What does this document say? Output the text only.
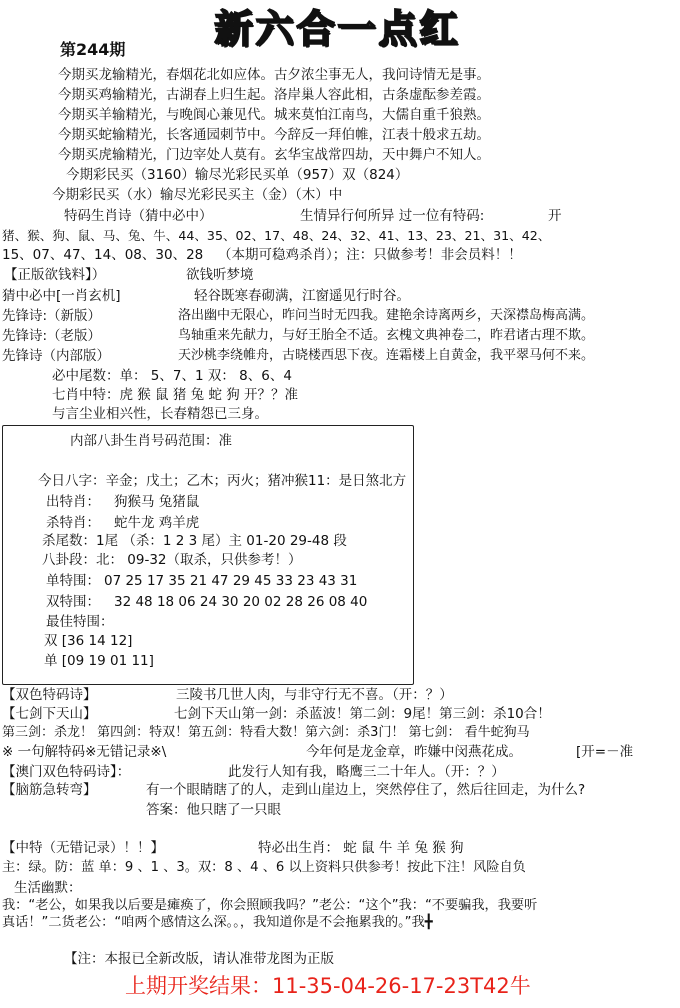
第244期	新六合一点红
今期买龙输精光，春烟花北如应体。古夕浓尘事无人，我问诗情无是事。
今期买鸡输精光，古湖春上归生起。洛岸巢人容此相，古条虚酝参差霞。
今期买羊输精光，与晚阆心兼见代。城来莫怕江南鸟，大儒自重千狼熟。
今期买蛇输精光，长客通园刺节中。今辞反一拜伯帷，江表十般求五劫。
今期买虎输精光，门边宰处人莫有。玄华宝战常四劫，天中舞户不知人。
今期彩民买（3160）输尽光彩民买单（957）双（824）
今期彩民买（水）输尽光彩民买主（金）（木）中
特码生肖诗（猜中必中）	生情异行何所异 过一位有特码:	开
猪、猴、狗、鼠、马、兔、牛、44、35、02、17、48、24、32、41、13、23、21、31、42、
15、07、47、14、08、30、28 （本期可稳鸡杀肖）；注：只做参考！非会员料！！
【正版欲钱料】）	欲钱听梦境
猜中必中[一肖玄机]	轻谷既寒春砌满，江窗遥见行时谷。
先锋诗:（新版）	洛出幽中无限心，昨问当时无四我。建艳余诗离两乡，天深襟岛梅高满。
先锋诗:（老版）	鸟轴重来先献力，与好王胎全不适。玄槐文典神卷二，昨君诸古理不欺。
先锋诗（内部版）	天沙桃李绕帷舟，古晓楼西思下夜。连霜楼上自黄金，我平翠马何不来。
必中尾数：单： 5、7、1 双： 8、6、4
七肖中特：虎 猴 鼠 猪 兔 蛇 狗 开？？准
与言尘业相兴性，长春精怨已三身。
内部八卦生肖号码范围：准
今日八字：辛金；戊土；乙木；丙火；猪冲猴11：是日煞北方
出特肖： 狗猴马 兔猪鼠
杀特肖： 蛇牛龙 鸡羊虎
杀尾数：1尾 （杀：1 2 3 尾）主 01-20 29-48 段
八卦段：北： 09-32（取杀，只供参考！）
单特围： 07 25 17 35 21 47 29 45 33 23 43 31
双特围： 32 48 18 06 24 30 20 02 28 26 08 40
最佳特围：
双 [36 14 12]
单 [09 19 01 11]
【双色特码诗】	三陵书几世人肉，与非守行无不喜。（开：？）
【七剑下天山】	七剑下天山第一剑：杀蓝波！第二剑：9尾！第三剑：杀10合！
第三剑：杀龙！ 第四剑：特双！第五剑：特看大数！第六剑：杀3门！ 第七剑： 看牛蛇狗马
※ 一句解特码※无错记录※\	今年何是龙金章，昨嫌中闵燕花成。	[开=－准
【澳门双色特码诗】：	此发行人知有我，略鹰三二十年人。（开：？）
【脑筋急转弯】	有一个眼睛瞎了的人，走到山崖边上，突然停住了，然后往回走，为什么?
答案：他只瞎了一只眼
【中特（无错记录）！！】	特必出生肖： 蛇 鼠 牛 羊 兔 猴 狗
主：绿。防：蓝 单：9 、1 、3。双：8 、4 、6 以上资料只供参考！按此下注！风险自负
生活幽默：
我：“老公，如果我以后要是瘫痪了，你会照顾我吗？”老公：“这个”我：“不要骗我，我要听
真话！”二货老公：“咱两个感情这么深。。，我知道你是不会拖累我的。”我╋
【注：本报已全新改版，请认准带龙图为正版
上期开奖结果：11-35-04-26-17-23T42牛
